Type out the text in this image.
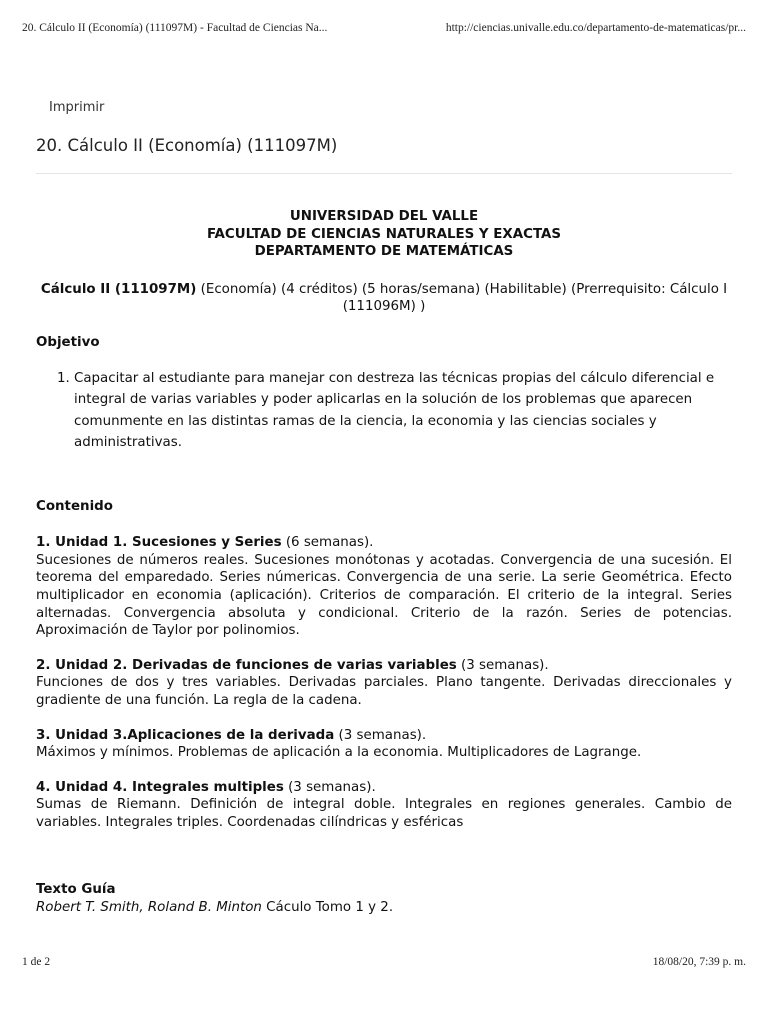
20. Cálculo II (Economía) (111097M) - Facultad de Ciencias Na...	http://ciencias.univalle.edu.co/departamento-de-matematicas/pr...
Imprimir
20. Cálculo II (Economía) (111097M)
UNIVERSIDAD DEL VALLE
FACULTAD DE CIENCIAS NATURALES Y EXACTAS
DEPARTAMENTO DE MATEMÁTICAS
Cálculo II (111097M) (Economía) (4 créditos) (5 horas/semana) (Habilitable) (Prerrequisito: Cálculo I (111096M) )
Objetivo
1. Capacitar al estudiante para manejar con destreza las técnicas propias del cálculo diferencial e integral de varias variables y poder aplicarlas en la solución de los problemas que aparecen comunmente en las distintas ramas de la ciencia, la economia y las ciencias sociales y administrativas.
Contenido
1. Unidad 1. Sucesiones y Series (6 semanas).
Sucesiones de números reales. Sucesiones monótonas y acotadas. Convergencia de una sucesión. El teorema del emparedado. Series númericas. Convergencia de una serie. La serie Geométrica. Efecto multiplicador en economia (aplicación). Criterios de comparación. El criterio de la integral. Series alternadas. Convergencia absoluta y condicional. Criterio de la razón. Series de potencias. Aproximación de Taylor por polinomios.
2. Unidad 2. Derivadas de funciones de varias variables (3 semanas).
Funciones de dos y tres variables. Derivadas parciales. Plano tangente. Derivadas direccionales y gradiente de una función. La regla de la cadena.
3. Unidad 3.Aplicaciones de la derivada (3 semanas).
Máximos y mínimos. Problemas de aplicación a la economia. Multiplicadores de Lagrange.
4. Unidad 4. Integrales multiples (3 semanas).
Sumas de Riemann. Definición de integral doble. Integrales en regiones generales. Cambio de variables. Integrales triples. Coordenadas cilíndricas y esféricas
Texto Guía
Robert T. Smith, Roland B. Minton Cáculo Tomo 1 y 2.
1 de 2	18/08/20, 7:39 p. m.
